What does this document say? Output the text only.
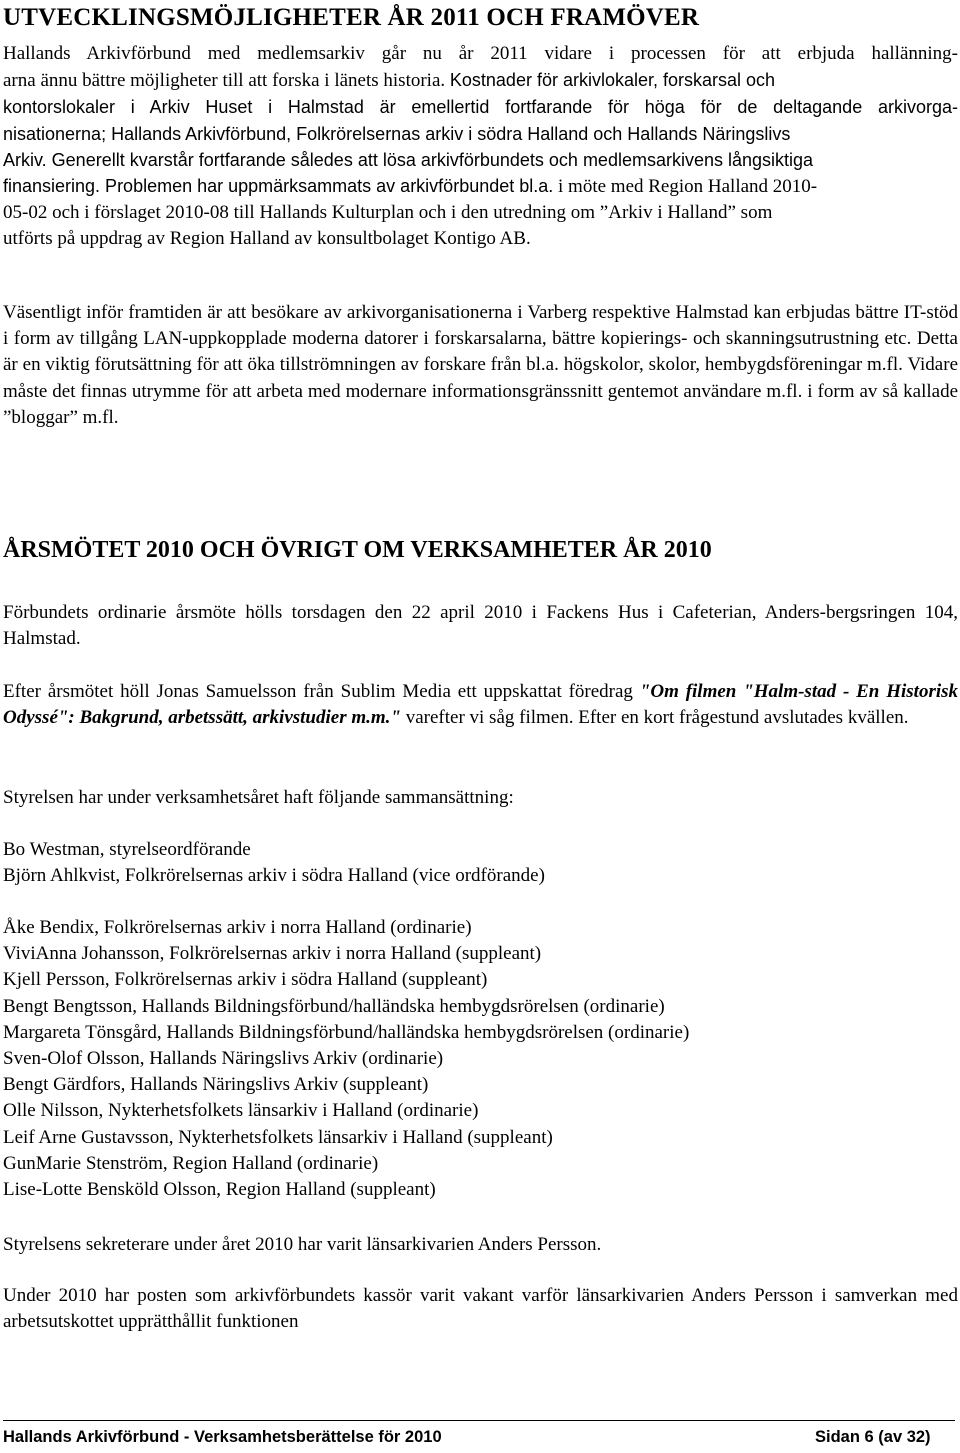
UTVECKLINGSMÖJLIGHETER ÅR 2011 OCH FRAMÖVER
Hallands Arkivförbund med medlemsarkiv går nu år 2011 vidare i processen för att erbjuda hallänning-
arna ännu bättre möjligheter till att forska i länets historia. Kostnader för arkivlokaler, forskarsal och
kontorslokaler i Arkiv Huset i Halmstad är emellertid fortfarande för höga för de deltagande arkivorga-
nisationerna; Hallands Arkivförbund, Folkrörelsernas arkiv i södra Halland och Hallands Näringslivs
Arkiv. Generellt kvarstår fortfarande således att lösa arkivförbundets och medlemsarkivens långsiktiga
finansiering. Problemen har uppmärksammats av arkivförbundet bl.a. i möte med Region Halland 2010-
05-02 och i förslaget 2010-08 till Hallands Kulturplan och i den utredning om ”Arkiv i Halland” som
utförts på uppdrag av Region Halland av konsultbolaget Kontigo AB.

Väsentligt inför framtiden är att besökare av arkivorganisationerna i Varberg respektive Halmstad kan erbjudas bättre IT-stöd i form av tillgång LAN-uppkopplade moderna datorer i forskarsalarna, bättre kopierings- och skanningsutrustning etc. Detta är en viktig förutsättning för att öka tillströmningen av forskare från bl.a. högskolor, skolor, hembygdsföreningar m.fl. Vidare måste det finnas utrymme för att arbeta med modernare informationsgränssnitt gentemot användare m.fl. i form av så kallade ”bloggar” m.fl.

ÅRSMÖTET 2010 OCH ÖVRIGT OM VERKSAMHETER ÅR 2010

Förbundets ordinarie årsmöte hölls torsdagen den 22 april 2010 i Fackens Hus i Cafeterian, Anders-bergsringen 104, Halmstad.

Efter årsmötet höll Jonas Samuelsson från Sublim Media ett uppskattat föredrag "Om filmen "Halm-stad - En Historisk Odyssé": Bakgrund, arbetssätt, arkivstudier m.m." varefter vi såg filmen. Efter en kort frågestund avslutades kvällen.

Styrelsen har under verksamhetsåret haft följande sammansättning:

Bo Westman, styrelseordförande
Björn Ahlkvist, Folkrörelsernas arkiv i södra Halland (vice ordförande)
Åke Bendix, Folkrörelsernas arkiv i norra Halland (ordinarie)
ViviAnna Johansson, Folkrörelsernas arkiv i norra Halland (suppleant)
Kjell Persson, Folkrörelsernas arkiv i södra Halland (suppleant)
Bengt Bengtsson, Hallands Bildningsförbund/halländska hembygdsrörelsen (ordinarie)
Margareta Tönsgård, Hallands Bildningsförbund/halländska hembygdsrörelsen (ordinarie)
Sven-Olof Olsson, Hallands Näringslivs Arkiv (ordinarie)
Bengt Gärdfors, Hallands Näringslivs Arkiv (suppleant)
Olle Nilsson, Nykterhetsfolkets länsarkiv i Halland (ordinarie)
Leif Arne Gustavsson, Nykterhetsfolkets länsarkiv i Halland (suppleant)
GunMarie Stenström, Region Halland (ordinarie)
Lise-Lotte Bensköld Olsson, Region Halland (suppleant)

Styrelsens sekreterare under året 2010 har varit länsarkivarien Anders Persson.

Under 2010 har posten som arkivförbundets kassör varit vakant varför länsarkivarien Anders Persson i samverkan med arbetsutskottet upprätthållit funktionen

Hallands Arkivförbund - Verksamhetsberättelse för 2010	Sidan 6 (av 32)
